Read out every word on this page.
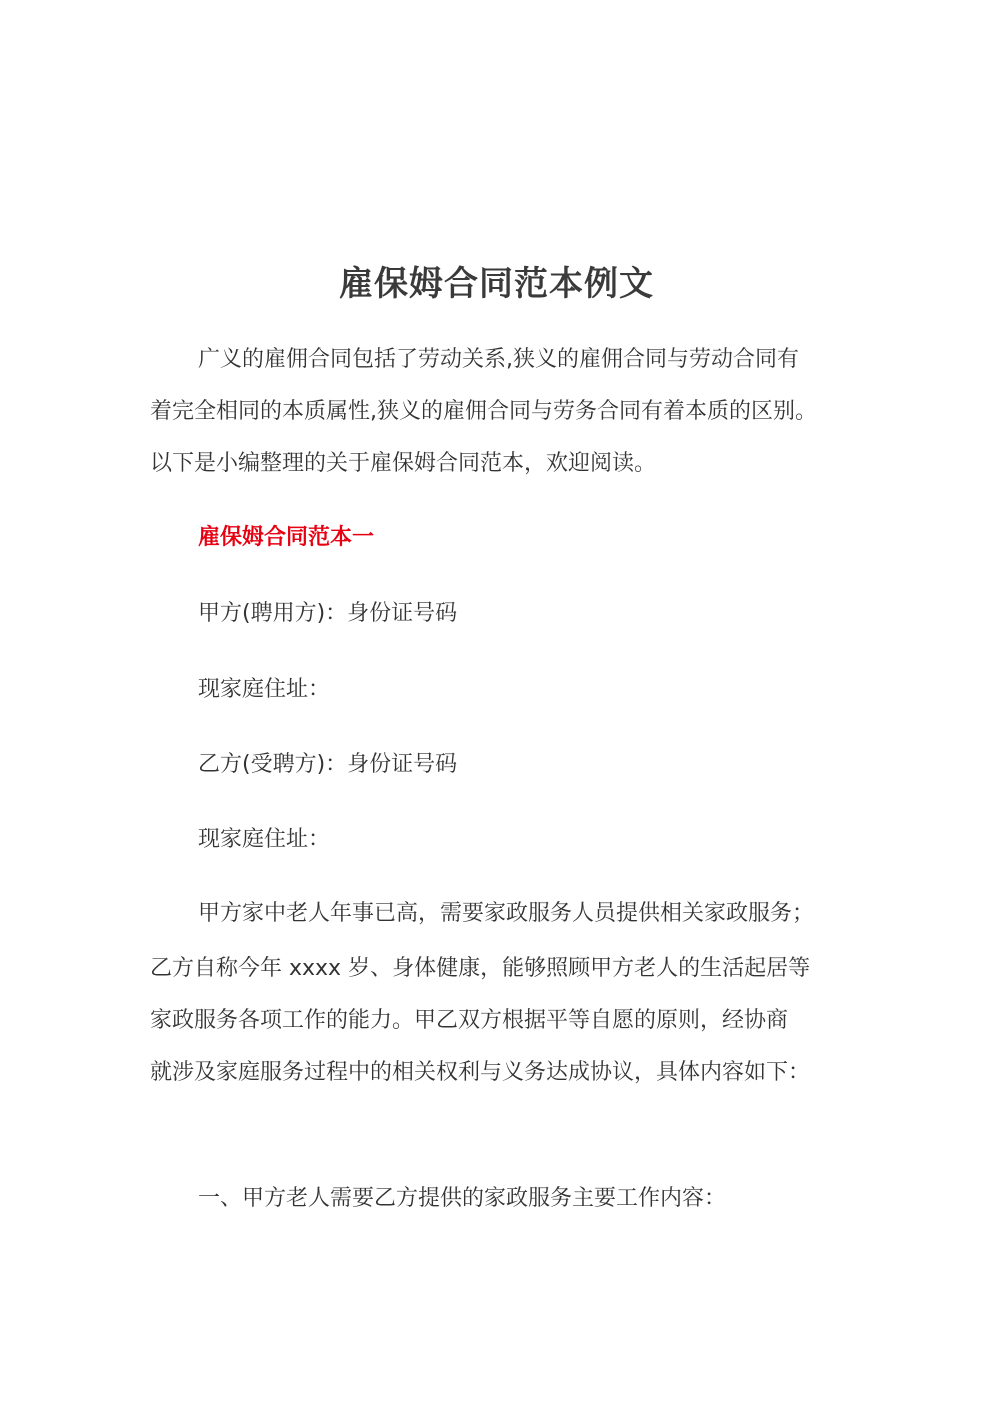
雇保姆合同范本例文

广义的雇佣合同包括了劳动关系,狭义的雇佣合同与劳动合同有

着完全相同的本质属性,狭义的雇佣合同与劳务合同有着本质的区别。

以下是小编整理的关于雇保姆合同范本，欢迎阅读。

雇保姆合同范本一

甲方(聘用方)：身份证号码

现家庭住址：

乙方(受聘方)：身份证号码

现家庭住址：

甲方家中老人年事已高，需要家政服务人员提供相关家政服务；

乙方自称今年 xxxx 岁、身体健康，能够照顾甲方老人的生活起居等

家政服务各项工作的能力。甲乙双方根据平等自愿的原则，经协商

就涉及家庭服务过程中的相关权利与义务达成协议，具体内容如下：

一、甲方老人需要乙方提供的家政服务主要工作内容：
